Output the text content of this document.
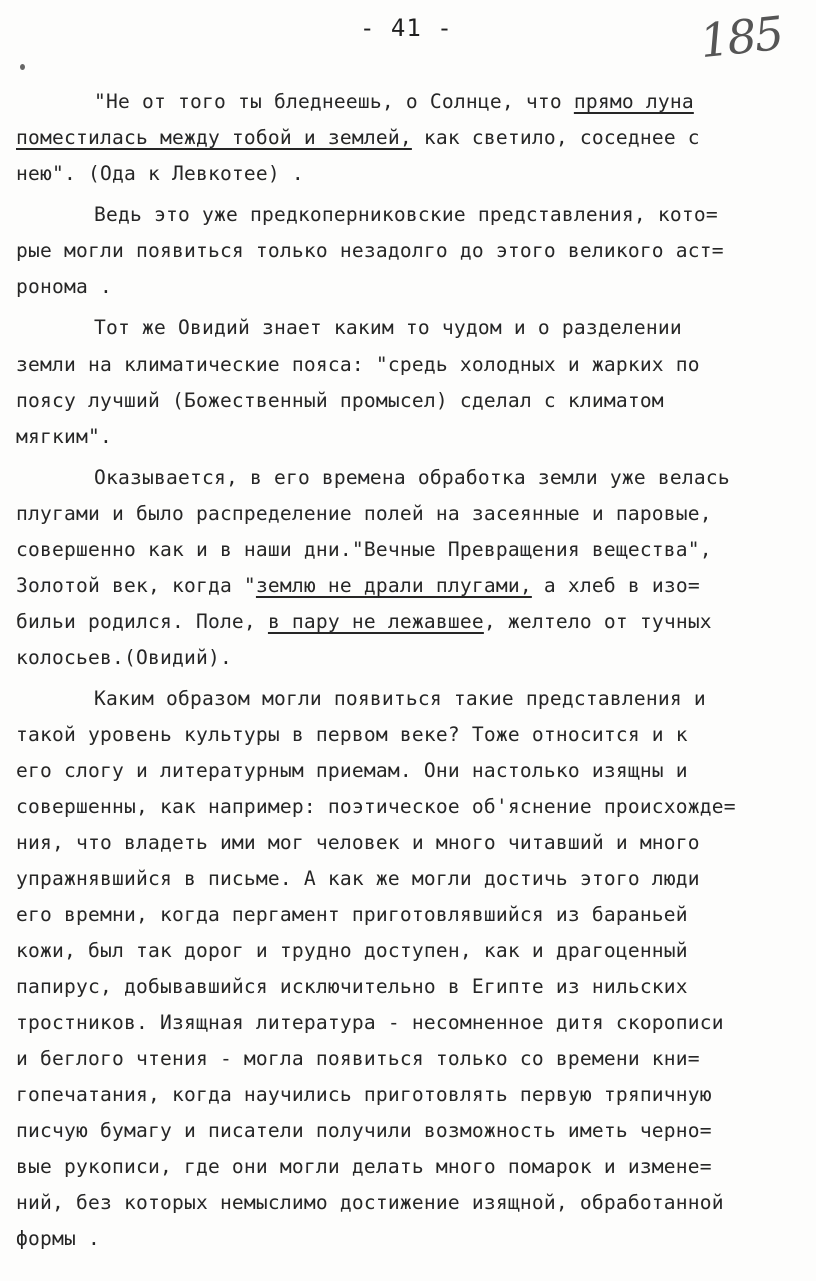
- 41 -	185
"Не от того ты бледнеешь, о Солнце, что прямо луна
поместилась между тобой и землей, как светило, соседнее с
нею". (Ода к Левкотее) .
Ведь это уже предкоперниковские представления, кото=
рые могли появиться только незадолго до этого великого аст=
ронома .
Тот же Овидий знает каким то чудом и о разделении
земли на климатические пояса: "средь холодных и жарких по
поясу лучший (Божественный промысел) сделал с климатом
мягким".
Оказывается, в его времена обработка земли уже велась
плугами и было распределение полей на засеянные и паровые,
совершенно как и в наши дни."Вечные Превращения вещества",
Золотой век, когда "землю не драли плугами, а хлеб в изо=
бильи родился. Поле, в пару не лежавшее, желтело от тучных
колосьев.(Овидий).
Каким образом могли появиться такие представления и
такой уровень культуры в первом веке? Тоже относится и к
его слогу и литературным приемам. Они настолько изящны и
совершенны, как например: поэтическое об'яснение происхожде=
ния, что владеть ими мог человек и много читавший и много
упражнявшийся в письме. А как же могли достичь этого люди
его времни, когда пергамент приготовлявшийся из бараньей
кожи, был так дорог и трудно доступен, как и драгоценный
папирус, добывавшийся исключительно в Египте из нильских
тростников. Изящная литература - несомненное дитя скорописи
и беглого чтения - могла появиться только со времени кни=
гопечатания, когда научились приготовлять первую тряпичную
писчую бумагу и писатели получили возможность иметь черно=
вые рукописи, где они могли делать много помарок и измене=
ний, без которых немыслимо достижение изящной, обработанной
формы .
